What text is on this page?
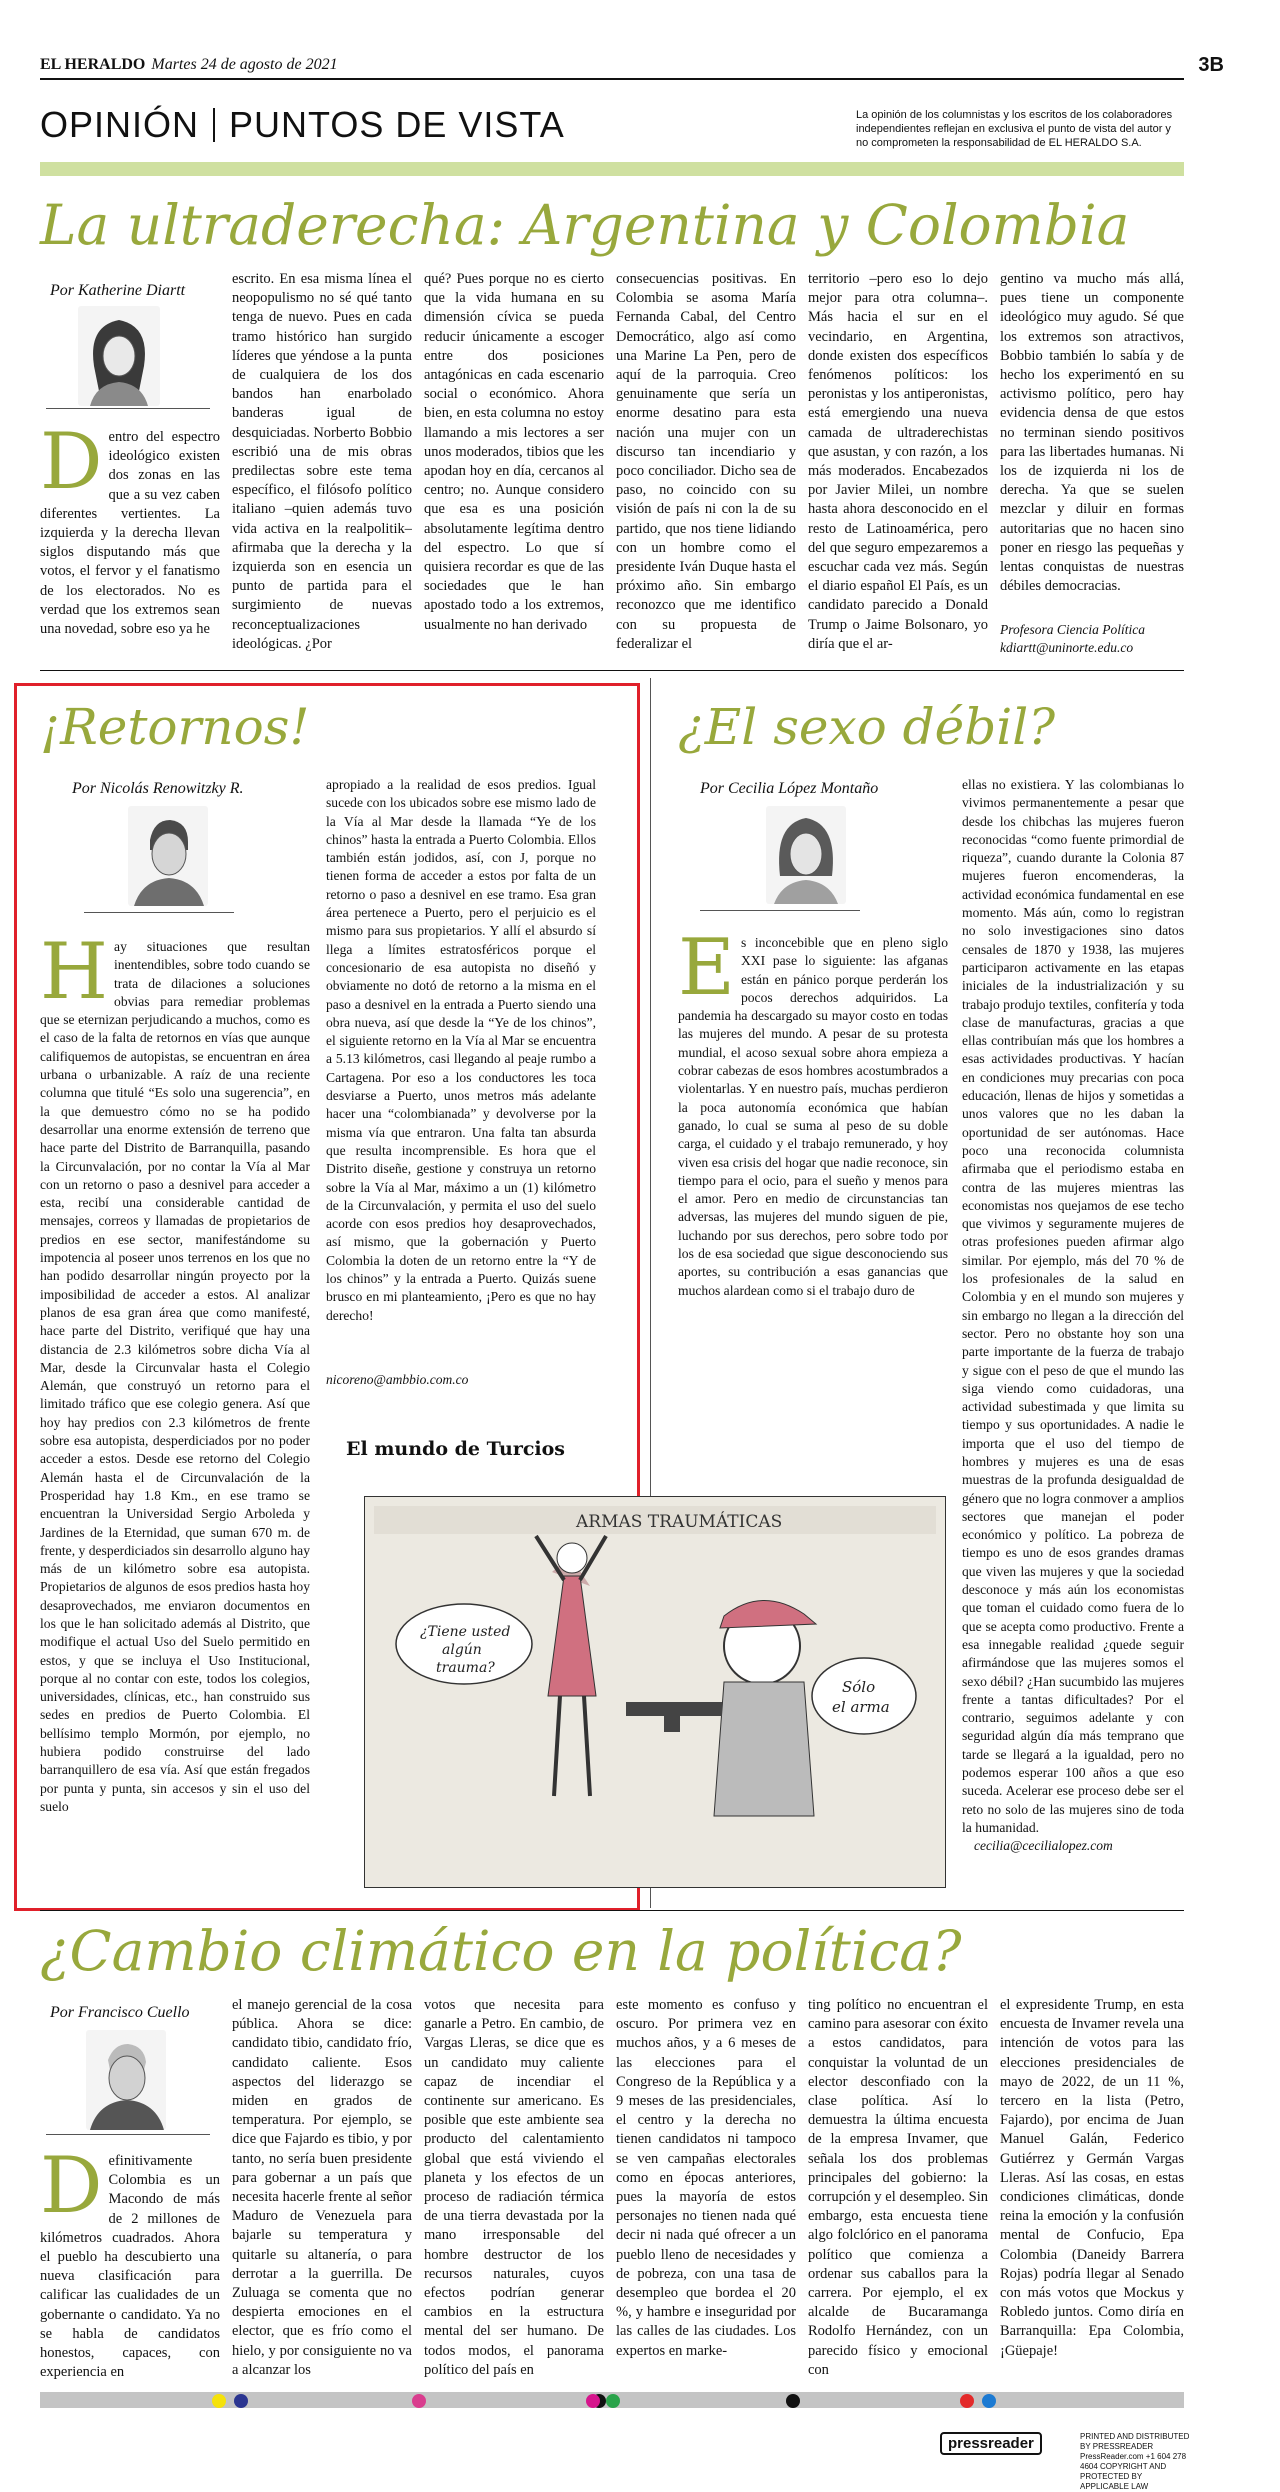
EL HERALDO Martes 24 de agosto de 2021	3B
OPINIÓN PUNTOS DE VISTA	La opinión de los columnistas y los escritos de los colaboradores independientes reflejan en exclusiva el punto de vista del autor y no comprometen la responsabilidad de EL HERALDO S.A.
La ultraderecha: Argentina y Colombia
Por Katherine Diartt
Dentro del espectro ideológico existen dos zonas en las que a su vez caben diferentes vertientes. La izquierda y la derecha llevan siglos disputando más que votos, el fervor y el fanatismo de los electorados. No es verdad que los extremos sean una novedad, sobre eso ya he
escrito. En esa misma línea el neopopulismo no sé qué tanto tenga de nuevo. Pues en cada tramo histórico han surgido líderes que yéndose a la punta de cualquiera de los dos bandos han enarbolado banderas igual de desquiciadas. Norberto Bobbio escribió una de mis obras predilectas sobre este tema específico, el filósofo político italiano –quien además tuvo vida activa en la realpolitik– afirmaba que la derecha y la izquierda son en esencia un punto de partida para el surgimiento de nuevas reconceptualizaciones ideológicas. ¿Por
qué? Pues porque no es cierto que la vida humana en su dimensión cívica se pueda reducir únicamente a escoger entre dos posiciones antagónicas en cada escenario social o económico. Ahora bien, en esta columna no estoy llamando a mis lectores a ser unos moderados, tibios que les apodan hoy en día, cercanos al centro; no. Aunque considero que esa es una posición absolutamente legítima dentro del espectro. Lo que sí quisiera recordar es que de las sociedades que le han apostado todo a los extremos, usualmente no han derivado
consecuencias positivas. En Colombia se asoma María Fernanda Cabal, del Centro Democrático, algo así como una Marine La Pen, pero de aquí de la parroquia. Creo genuinamente que sería un enorme desatino para esta nación una mujer con un discurso tan incendiario y poco conciliador. Dicho sea de paso, no coincido con su visión de país ni con la de su partido, que nos tiene lidiando con un hombre como el presidente Iván Duque hasta el próximo año. Sin embargo reconozco que me identifico con su propuesta de federalizar el
territorio –pero eso lo dejo mejor para otra columna–. Más hacia el sur en el vecindario, en Argentina, donde existen dos específicos fenómenos políticos: los peronistas y los antiperonistas, está emergiendo una nueva camada de ultraderechistas que asustan, y con razón, a los más moderados. Encabezados por Javier Milei, un nombre hasta ahora desconocido en el resto de Latinoamérica, pero del que seguro empezaremos a escuchar cada vez más. Según el diario español El País, es un candidato parecido a Donald Trump o Jaime Bolsonaro, yo diría que el ar-
gentino va mucho más allá, pues tiene un componente ideológico muy agudo. Sé que los extremos son atractivos, Bobbio también lo sabía y de hecho los experimentó en su activismo político, pero hay evidencia densa de que estos no terminan siendo positivos para las libertades humanas. Ni los de izquierda ni los de derecha. Ya que se suelen mezclar y diluir en formas autoritarias que no hacen sino poner en riesgo las pequeñas y lentas conquistas de nuestras débiles democracias.
Profesora Ciencia Política
kdiartt@uninorte.edu.co
¡Retornos!
Por Nicolás Renowitzky R.
Hay situaciones que resultan inentendibles, sobre todo cuando se trata de dilaciones a soluciones obvias para remediar problemas que se eternizan perjudicando a muchos, como es el caso de la falta de retornos en vías que aunque califiquemos de autopistas, se encuentran en área urbana o urbanizable. A raíz de una reciente columna que titulé “Es solo una sugerencia”, en la que demuestro cómo no se ha podido desarrollar una enorme extensión de terreno que hace parte del Distrito de Barranquilla, pasando la Circunvalación, por no contar la Vía al Mar con un retorno o paso a desnivel para acceder a esta, recibí una considerable cantidad de mensajes, correos y llamadas de propietarios de predios en ese sector, manifestándome su impotencia al poseer unos terrenos en los que no han podido desarrollar ningún proyecto por la imposibilidad de acceder a estos. Al analizar planos de esa gran área que como manifesté, hace parte del Distrito, verifiqué que hay una distancia de 2.3 kilómetros sobre dicha Vía al Mar, desde la Circunvalar hasta el Colegio Alemán, que construyó un retorno para el limitado tráfico que ese colegio genera. Así que hoy hay predios con 2.3 kilómetros de frente sobre esa autopista, desperdiciados por no poder acceder a estos. Desde ese retorno del Colegio Alemán hasta el de Circunvalación de la Prosperidad hay 1.8 Km., en ese tramo se encuentran la Universidad Sergio Arboleda y Jardines de la Eternidad, que suman 670 m. de frente, y desperdiciados sin desarrollo alguno hay más de un kilómetro sobre esa autopista. Propietarios de algunos de esos predios hasta hoy desaprovechados, me enviaron documentos en los que le han solicitado además al Distrito, que modifique el actual Uso del Suelo permitido en estos, y que se incluya el Uso Institucional, porque al no contar con este, todos los colegios, universidades, clínicas, etc., han construido sus sedes en predios de Puerto Colombia. El bellísimo templo Mormón, por ejemplo, no hubiera podido construirse del lado barranquillero de esa vía. Así que están fregados por punta y punta, sin accesos y sin el uso del suelo
apropiado a la realidad de esos predios. Igual sucede con los ubicados sobre ese mismo lado de la Vía al Mar desde la llamada “Ye de los chinos” hasta la entrada a Puerto Colombia. Ellos también están jodidos, así, con J, porque no tienen forma de acceder a estos por falta de un retorno o paso a desnivel en ese tramo. Esa gran área pertenece a Puerto, pero el perjuicio es el mismo para sus propietarios. Y allí el absurdo sí llega a límites estratosféricos porque el concesionario de esa autopista no diseñó y obviamente no dotó de retorno a la misma en el paso a desnivel en la entrada a Puerto siendo una obra nueva, así que desde la “Ye de los chinos”, el siguiente retorno en la Vía al Mar se encuentra a 5.13 kilómetros, casi llegando al peaje rumbo a Cartagena. Por eso a los conductores les toca desviarse a Puerto, unos metros más adelante hacer una “colombianada” y devolverse por la misma vía que entraron. Una falta tan absurda que resulta incomprensible. Es hora que el Distrito diseñe, gestione y construya un retorno sobre la Vía al Mar, máximo a un (1) kilómetro de la Circunvalación, y permita el uso del suelo acorde con esos predios hoy desaprovechados, así mismo, que la gobernación y Puerto Colombia la doten de un retorno entre la “Y de los chinos” y la entrada a Puerto. Quizás suene brusco en mi planteamiento, ¡Pero es que no hay derecho!
nicoreno@ambbio.com.co
El mundo de Turcios
ARMAS TRAUMÁTICAS
¿Tiene usted algún trauma?
Sólo el arma
¿El sexo débil?
Por Cecilia López Montaño
Es inconcebible que en pleno siglo XXI pase lo siguiente: las afganas están en pánico porque perderán los pocos derechos adquiridos. La pandemia ha descargado su mayor costo en todas las mujeres del mundo. A pesar de su protesta mundial, el acoso sexual sobre ahora empieza a cobrar cabezas de esos hombres acostumbrados a violentarlas. Y en nuestro país, muchas perdieron la poca autonomía económica que habían ganado, lo cual se suma al peso de su doble carga, el cuidado y el trabajo remunerado, y hoy viven esa crisis del hogar que nadie reconoce, sin tiempo para el ocio, para el sueño y menos para el amor. Pero en medio de circunstancias tan adversas, las mujeres del mundo siguen de pie, luchando por sus derechos, pero sobre todo por los de esa sociedad que sigue desconociendo sus aportes, su contribución a esas ganancias que muchos alardean como si el trabajo duro de
ellas no existiera. Y las colombianas lo vivimos permanentemente a pesar que desde los chibchas las mujeres fueron reconocidas “como fuente primordial de riqueza”, cuando durante la Colonia 87 mujeres fueron encomenderas, la actividad económica fundamental en ese momento. Más aún, como lo registran no solo investigaciones sino datos censales de 1870 y 1938, las mujeres participaron activamente en las etapas iniciales de la industrialización y su trabajo produjo textiles, confitería y toda clase de manufacturas, gracias a que ellas contribuían más que los hombres a esas actividades productivas. Y hacían en condiciones muy precarias con poca educación, llenas de hijos y sometidas a unos valores que no les daban la oportunidad de ser autónomas. Hace poco una reconocida columnista afirmaba que el periodismo estaba en contra de las mujeres mientras las economistas nos quejamos de ese techo que vivimos y seguramente mujeres de otras profesiones pueden afirmar algo similar. Por ejemplo, más del 70 % de los profesionales de la salud en Colombia y en el mundo son mujeres y sin embargo no llegan a la dirección del sector. Pero no obstante hoy son una parte importante de la fuerza de trabajo y sigue con el peso de que el mundo las siga viendo como cuidadoras, una actividad subestimada y que limita su tiempo y sus oportunidades. A nadie le importa que el uso del tiempo de hombres y mujeres es una de esas muestras de la profunda desigualdad de género que no logra conmover a amplios sectores que manejan el poder económico y político. La pobreza de tiempo es uno de esos grandes dramas que viven las mujeres y que la sociedad desconoce y más aún los economistas que toman el cuidado como fuera de lo que se acepta como productivo. Frente a esa innegable realidad ¿quede seguir afirmándose que las mujeres somos el sexo débil? ¿Han sucumbido las mujeres frente a tantas dificultades? Por el contrario, seguimos adelante y con seguridad algún día más temprano que tarde se llegará a la igualdad, pero no podemos esperar 100 años a que eso suceda. Acelerar ese proceso debe ser el reto no solo de las mujeres sino de toda la humanidad.
cecilia@cecilialopez.com
¿Cambio climático en la política?
Por Francisco Cuello
Definitivamente Colombia es un Macondo de más de 2 millones de kilómetros cuadrados. Ahora el pueblo ha descubierto una nueva clasificación para calificar las cualidades de un gobernante o candidato. Ya no se habla de candidatos honestos, capaces, con experiencia en
el manejo gerencial de la cosa pública. Ahora se dice: candidato tibio, candidato frío, candidato caliente. Esos aspectos del liderazgo se miden en grados de temperatura. Por ejemplo, se dice que Fajardo es tibio, y por tanto, no sería buen presidente para gobernar a un país que necesita hacerle frente al señor Maduro de Venezuela para bajarle su temperatura y quitarle su altanería, o para derrotar a la guerrilla. De Zuluaga se comenta que no despierta emociones en el elector, que es frío como el hielo, y por consiguiente no va a alcanzar los
votos que necesita para ganarle a Petro. En cambio, de Vargas Lleras, se dice que es un candidato muy caliente capaz de incendiar el continente sur americano. Es posible que este ambiente sea producto del calentamiento global que está viviendo el planeta y los efectos de un proceso de radiación térmica de una tierra devastada por la mano irresponsable del hombre destructor de los recursos naturales, cuyos efectos podrían generar cambios en la estructura mental del ser humano. De todos modos, el panorama político del país en
este momento es confuso y oscuro. Por primera vez en muchos años, y a 6 meses de las elecciones para el Congreso de la República y a 9 meses de las presidenciales, el centro y la derecha no tienen candidatos ni tampoco se ven campañas electorales como en épocas anteriores, pues la mayoría de estos personajes no tienen nada qué decir ni nada qué ofrecer a un pueblo lleno de necesidades y de pobreza, con una tasa de desempleo que bordea el 20 %, y hambre e inseguridad por las calles de las ciudades. Los expertos en marke-
ting político no encuentran el camino para asesorar con éxito a estos candidatos, para conquistar la voluntad de un elector desconfiado con la clase política. Así lo demuestra la última encuesta de la empresa Invamer, que señala los dos problemas principales del gobierno: la corrupción y el desempleo. Sin embargo, esta encuesta tiene algo folclórico en el panorama político que comienza a ordenar sus caballos para la carrera. Por ejemplo, el ex alcalde de Bucaramanga Rodolfo Hernández, con un parecido físico y emocional con
el expresidente Trump, en esta encuesta de Invamer revela una intención de votos para las elecciones presidenciales de mayo de 2022, de un 11 %, tercero en la lista (Petro, Fajardo), por encima de Juan Manuel Galán, Federico Gutiérrez y Germán Vargas Lleras. Así las cosas, en estas condiciones climáticas, donde reina la emoción y la confusión mental de Confucio, Epa Colombia (Daneidy Barrera Rojas) podría llegar al Senado con más votos que Mockus y Robledo juntos. Como diría en Barranquilla: Epa Colombia, ¡Güepaje!
pressreader	PRINTED AND DISTRIBUTED BY PRESSREADER PressReader.com +1 604 278 4604 COPYRIGHT AND PROTECTED BY APPLICABLE LAW
